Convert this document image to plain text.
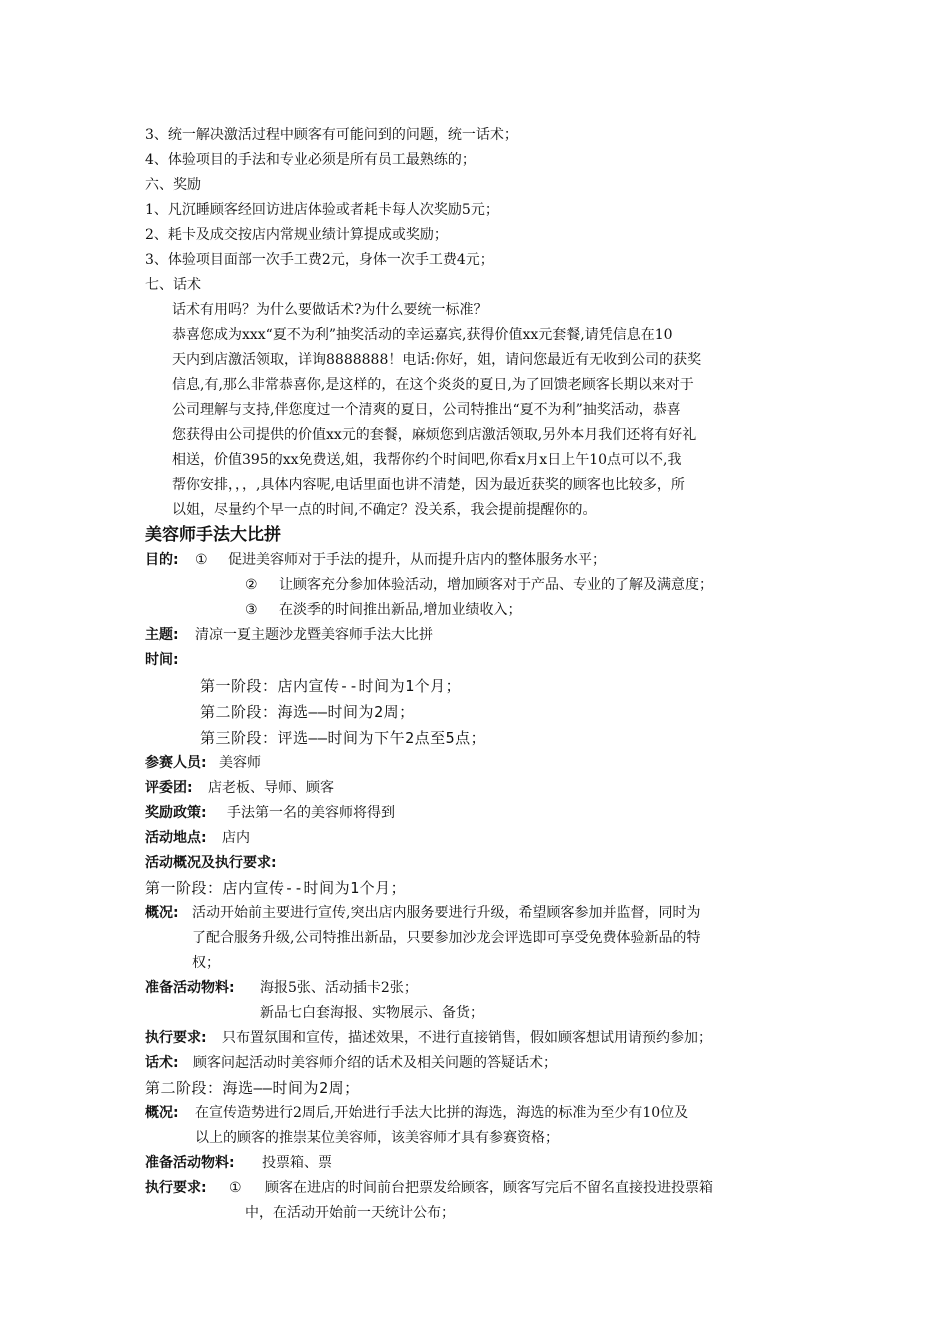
3、统一解决激活过程中顾客有可能问到的问题，统一话术；
4、体验项目的手法和专业必须是所有员工最熟练的；
六、奖励
1、凡沉睡顾客经回访进店体验或者耗卡每人次奖励5元；
2、耗卡及成交按店内常规业绩计算提成或奖励；
3、体验项目面部一次手工费2元，身体一次手工费4元；
七、话术
话术有用吗？为什么要做话术?为什么要统一标准？
恭喜您成为xxx“夏不为利”抽奖活动的幸运嘉宾,获得价值xx元套餐,请凭信息在10
天内到店激活领取，详询8888888！电话:你好，姐，请问您最近有无收到公司的获奖
信息,有,那么非常恭喜你,是这样的，在这个炎炎的夏日,为了回馈老顾客长期以来对于
公司理解与支持,伴您度过一个清爽的夏日，公司特推出“夏不为利”抽奖活动，恭喜
您获得由公司提供的价值xx元的套餐，麻烦您到店激活领取,另外本月我们还将有好礼
相送，价值395的xx免费送,姐，我帮你约个时间吧,你看x月x日上午10点可以不,我
帮你安排，，，,具体内容呢,电话里面也讲不清楚，因为最近获奖的顾客也比较多，所
以姐，尽量约个早一点的时间,不确定？没关系，我会提前提醒你的。
美容师手法大比拼
目的: ① 促进美容师对于手法的提升，从而提升店内的整体服务水平；
② 让顾客充分参加体验活动，增加顾客对于产品、专业的了解及满意度；
③ 在淡季的时间推出新品,增加业绩收入；
主题: 清凉一夏主题沙龙暨美容师手法大比拼
时间:
第一阶段：店内宣传--时间为1个月；
第二阶段：海选——时间为2周；
第三阶段：评选——时间为下午2点至5点；
参赛人员: 美容师
评委团: 店老板、导师、顾客
奖励政策: 手法第一名的美容师将得到
活动地点: 店内
活动概况及执行要求:
第一阶段：店内宣传--时间为1个月；
概况: 活动开始前主要进行宣传,突出店内服务要进行升级，希望顾客参加并监督，同时为
了配合服务升级,公司特推出新品，只要参加沙龙会评选即可享受免费体验新品的特
权；
准备活动物料: 海报5张、活动插卡2张；
新品七白套海报、实物展示、备货；
执行要求: 只布置氛围和宣传，描述效果，不进行直接销售，假如顾客想试用请预约参加；
话术: 顾客问起活动时美容师介绍的话术及相关问题的答疑话术；
第二阶段：海选——时间为2周；
概况: 在宣传造势进行2周后,开始进行手法大比拼的海选，海选的标准为至少有10位及
以上的顾客的推崇某位美容师，该美容师才具有参赛资格；
准备活动物料: 投票箱、票
执行要求: ① 顾客在进店的时间前台把票发给顾客，顾客写完后不留名直接投进投票箱
中，在活动开始前一天统计公布；
